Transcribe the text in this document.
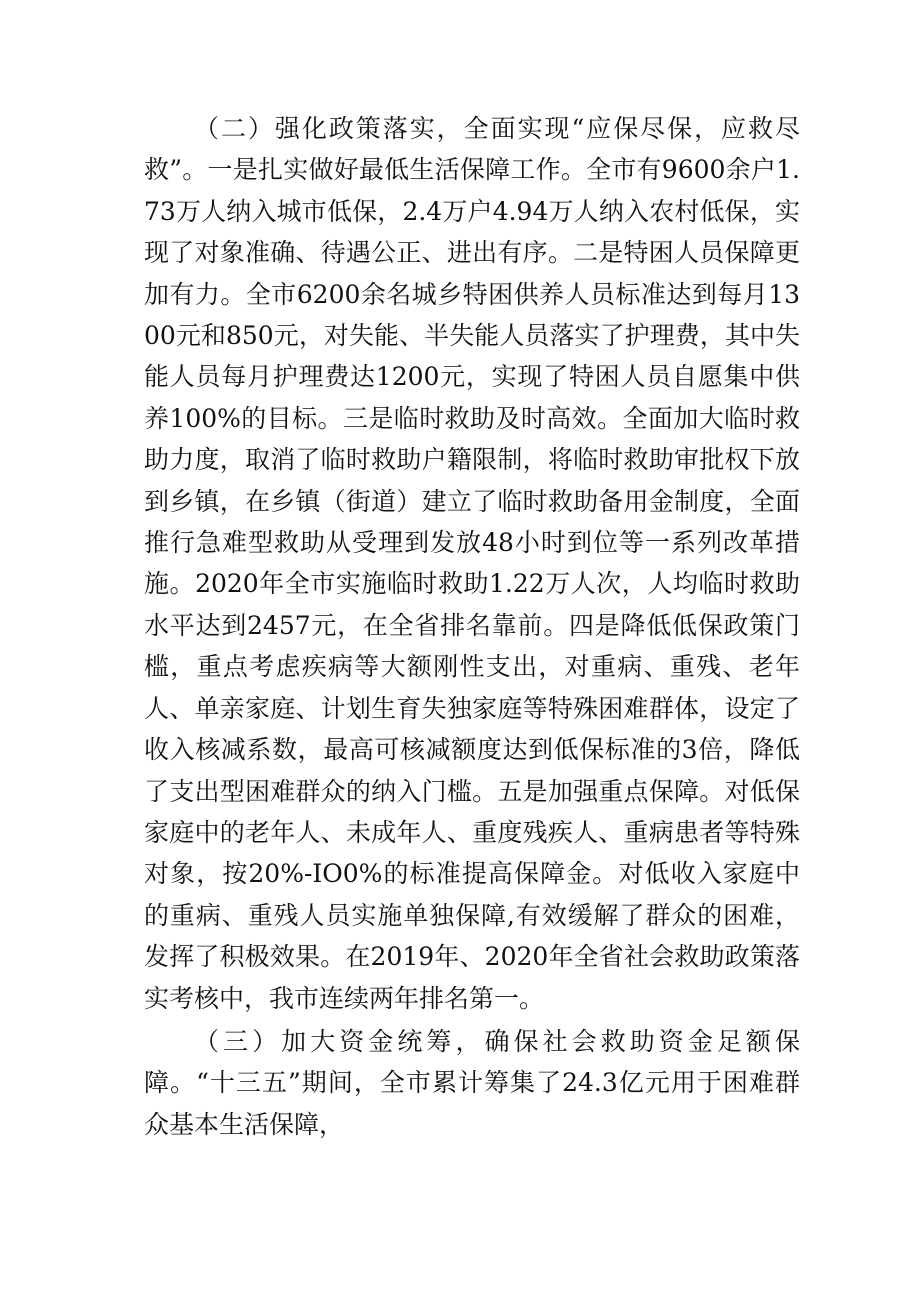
（二）强化政策落实，全面实现“应保尽保，应救尽救”。一是扎实做好最低生活保障工作。全市有9600余户1.73万人纳入城市低保，2.4万户4.94万人纳入农村低保，实现了对象准确、待遇公正、进出有序。二是特困人员保障更加有力。全市6200余名城乡特困供养人员标准达到每月1300元和850元，对失能、半失能人员落实了护理费，其中失能人员每月护理费达1200元，实现了特困人员自愿集中供养100%的目标。三是临时救助及时高效。全面加大临时救助力度，取消了临时救助户籍限制，将临时救助审批权下放到乡镇，在乡镇（街道）建立了临时救助备用金制度，全面推行急难型救助从受理到发放48小时到位等一系列改革措施。2020年全市实施临时救助1.22万人次，人均临时救助水平达到2457元，在全省排名靠前。四是降低低保政策门槛，重点考虑疾病等大额刚性支出，对重病、重残、老年人、单亲家庭、计划生育失独家庭等特殊困难群体，设定了收入核减系数，最高可核减额度达到低保标准的3倍，降低了支出型困难群众的纳入门槛。五是加强重点保障。对低保家庭中的老年人、未成年人、重度残疾人、重病患者等特殊对象，按20%-IO0%的标准提高保障金。对低收入家庭中的重病、重残人员实施单独保障,有效缓解了群众的困难，发挥了积极效果。在2019年、2020年全省社会救助政策落实考核中，我市连续两年排名第一。

（三）加大资金统筹，确保社会救助资金足额保障。“十三五”期间，全市累计筹集了24.3亿元用于困难群众基本生活保障，
